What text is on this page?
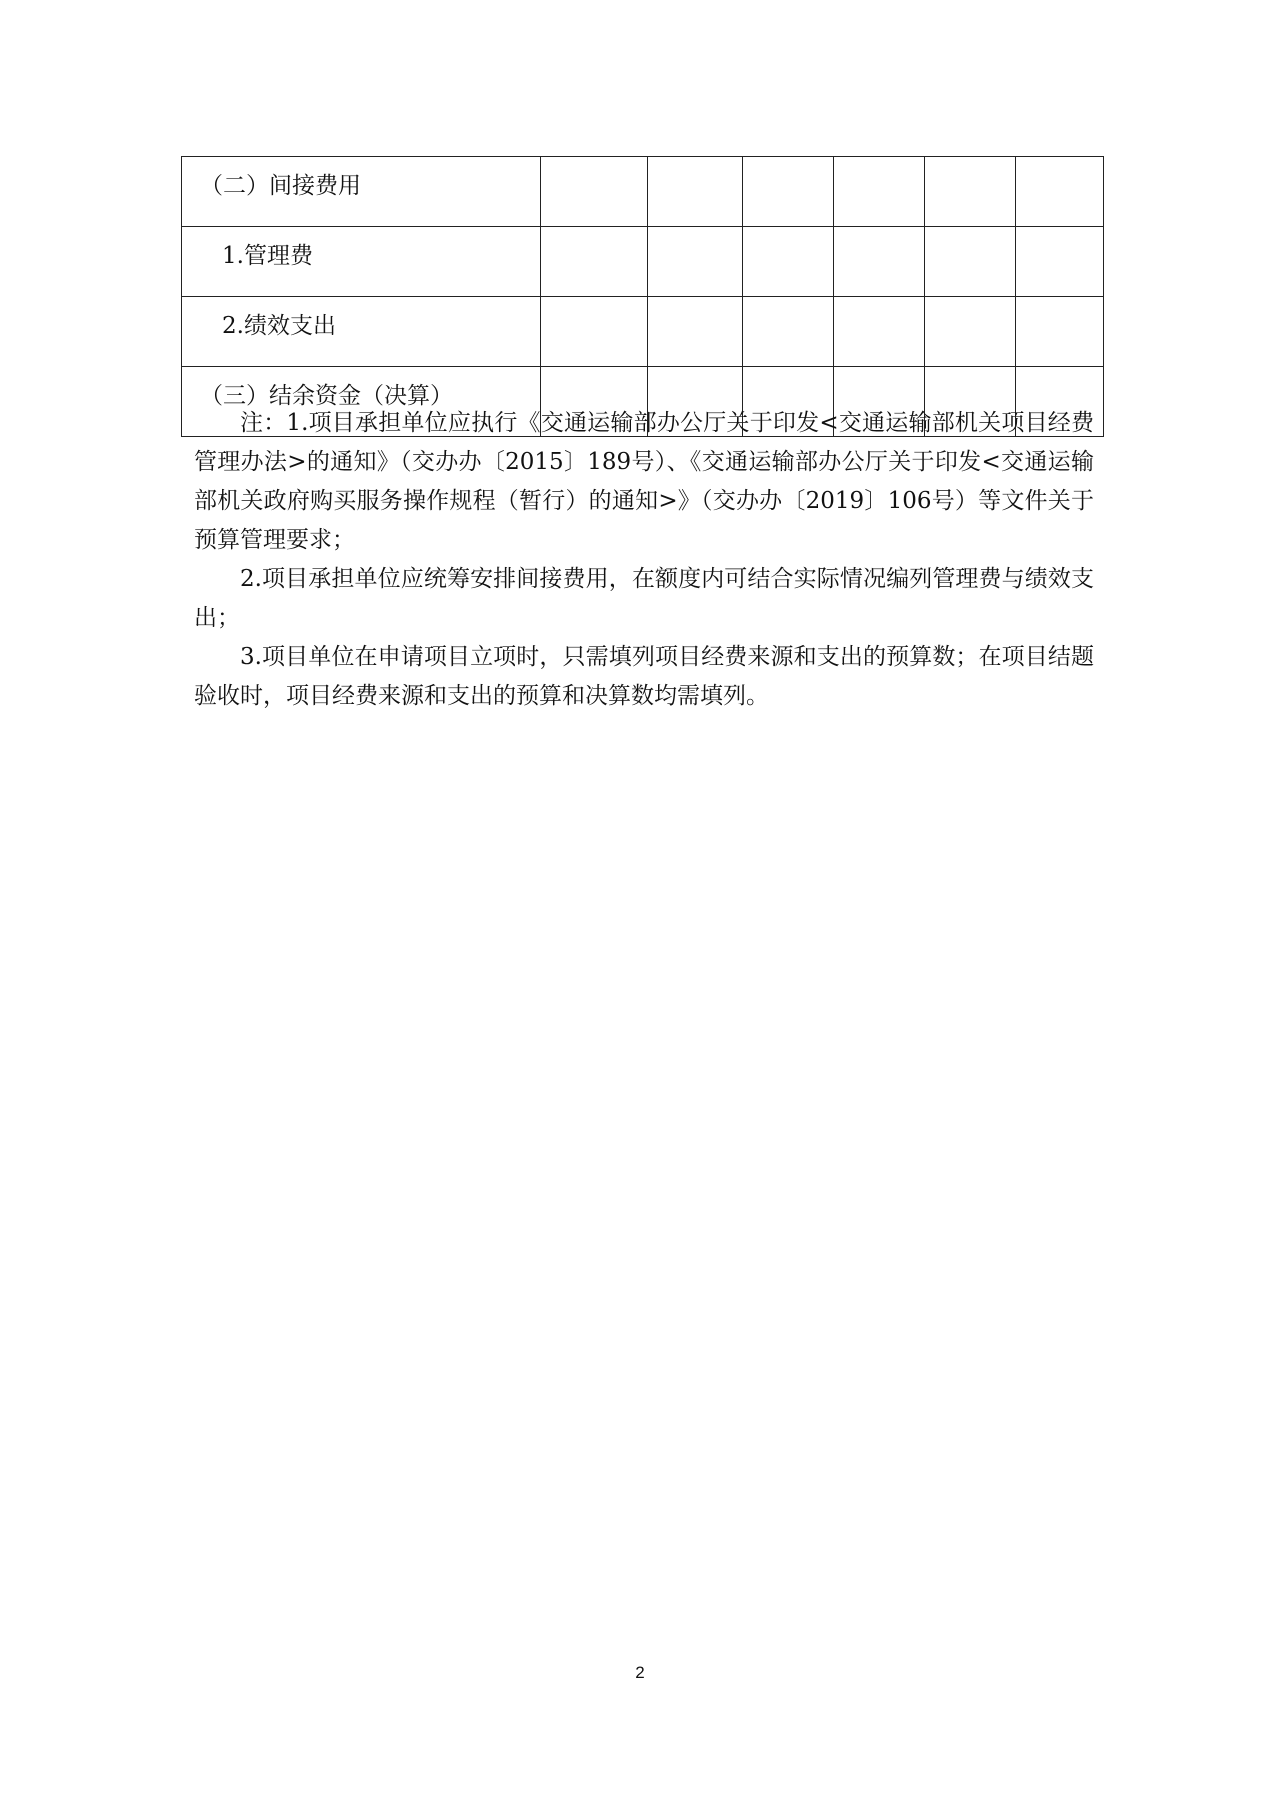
（二）间接费用						
1.管理费						
2.绩效支出						
（三）结余资金（决算）						

注：1.项目承担单位应执行《交通运输部办公厅关于印发<交通运输部机关项目经费管理办法>的通知》（交办办〔2015〕189号）、《交通运输部办公厅关于印发<交通运输部机关政府购买服务操作规程（暂行）的通知>》（交办办〔2019〕106号）等文件关于预算管理要求；

2.项目承担单位应统筹安排间接费用，在额度内可结合实际情况编列管理费与绩效支出；

3.项目单位在申请项目立项时，只需填列项目经费来源和支出的预算数；在项目结题验收时，项目经费来源和支出的预算和决算数均需填列。

2
